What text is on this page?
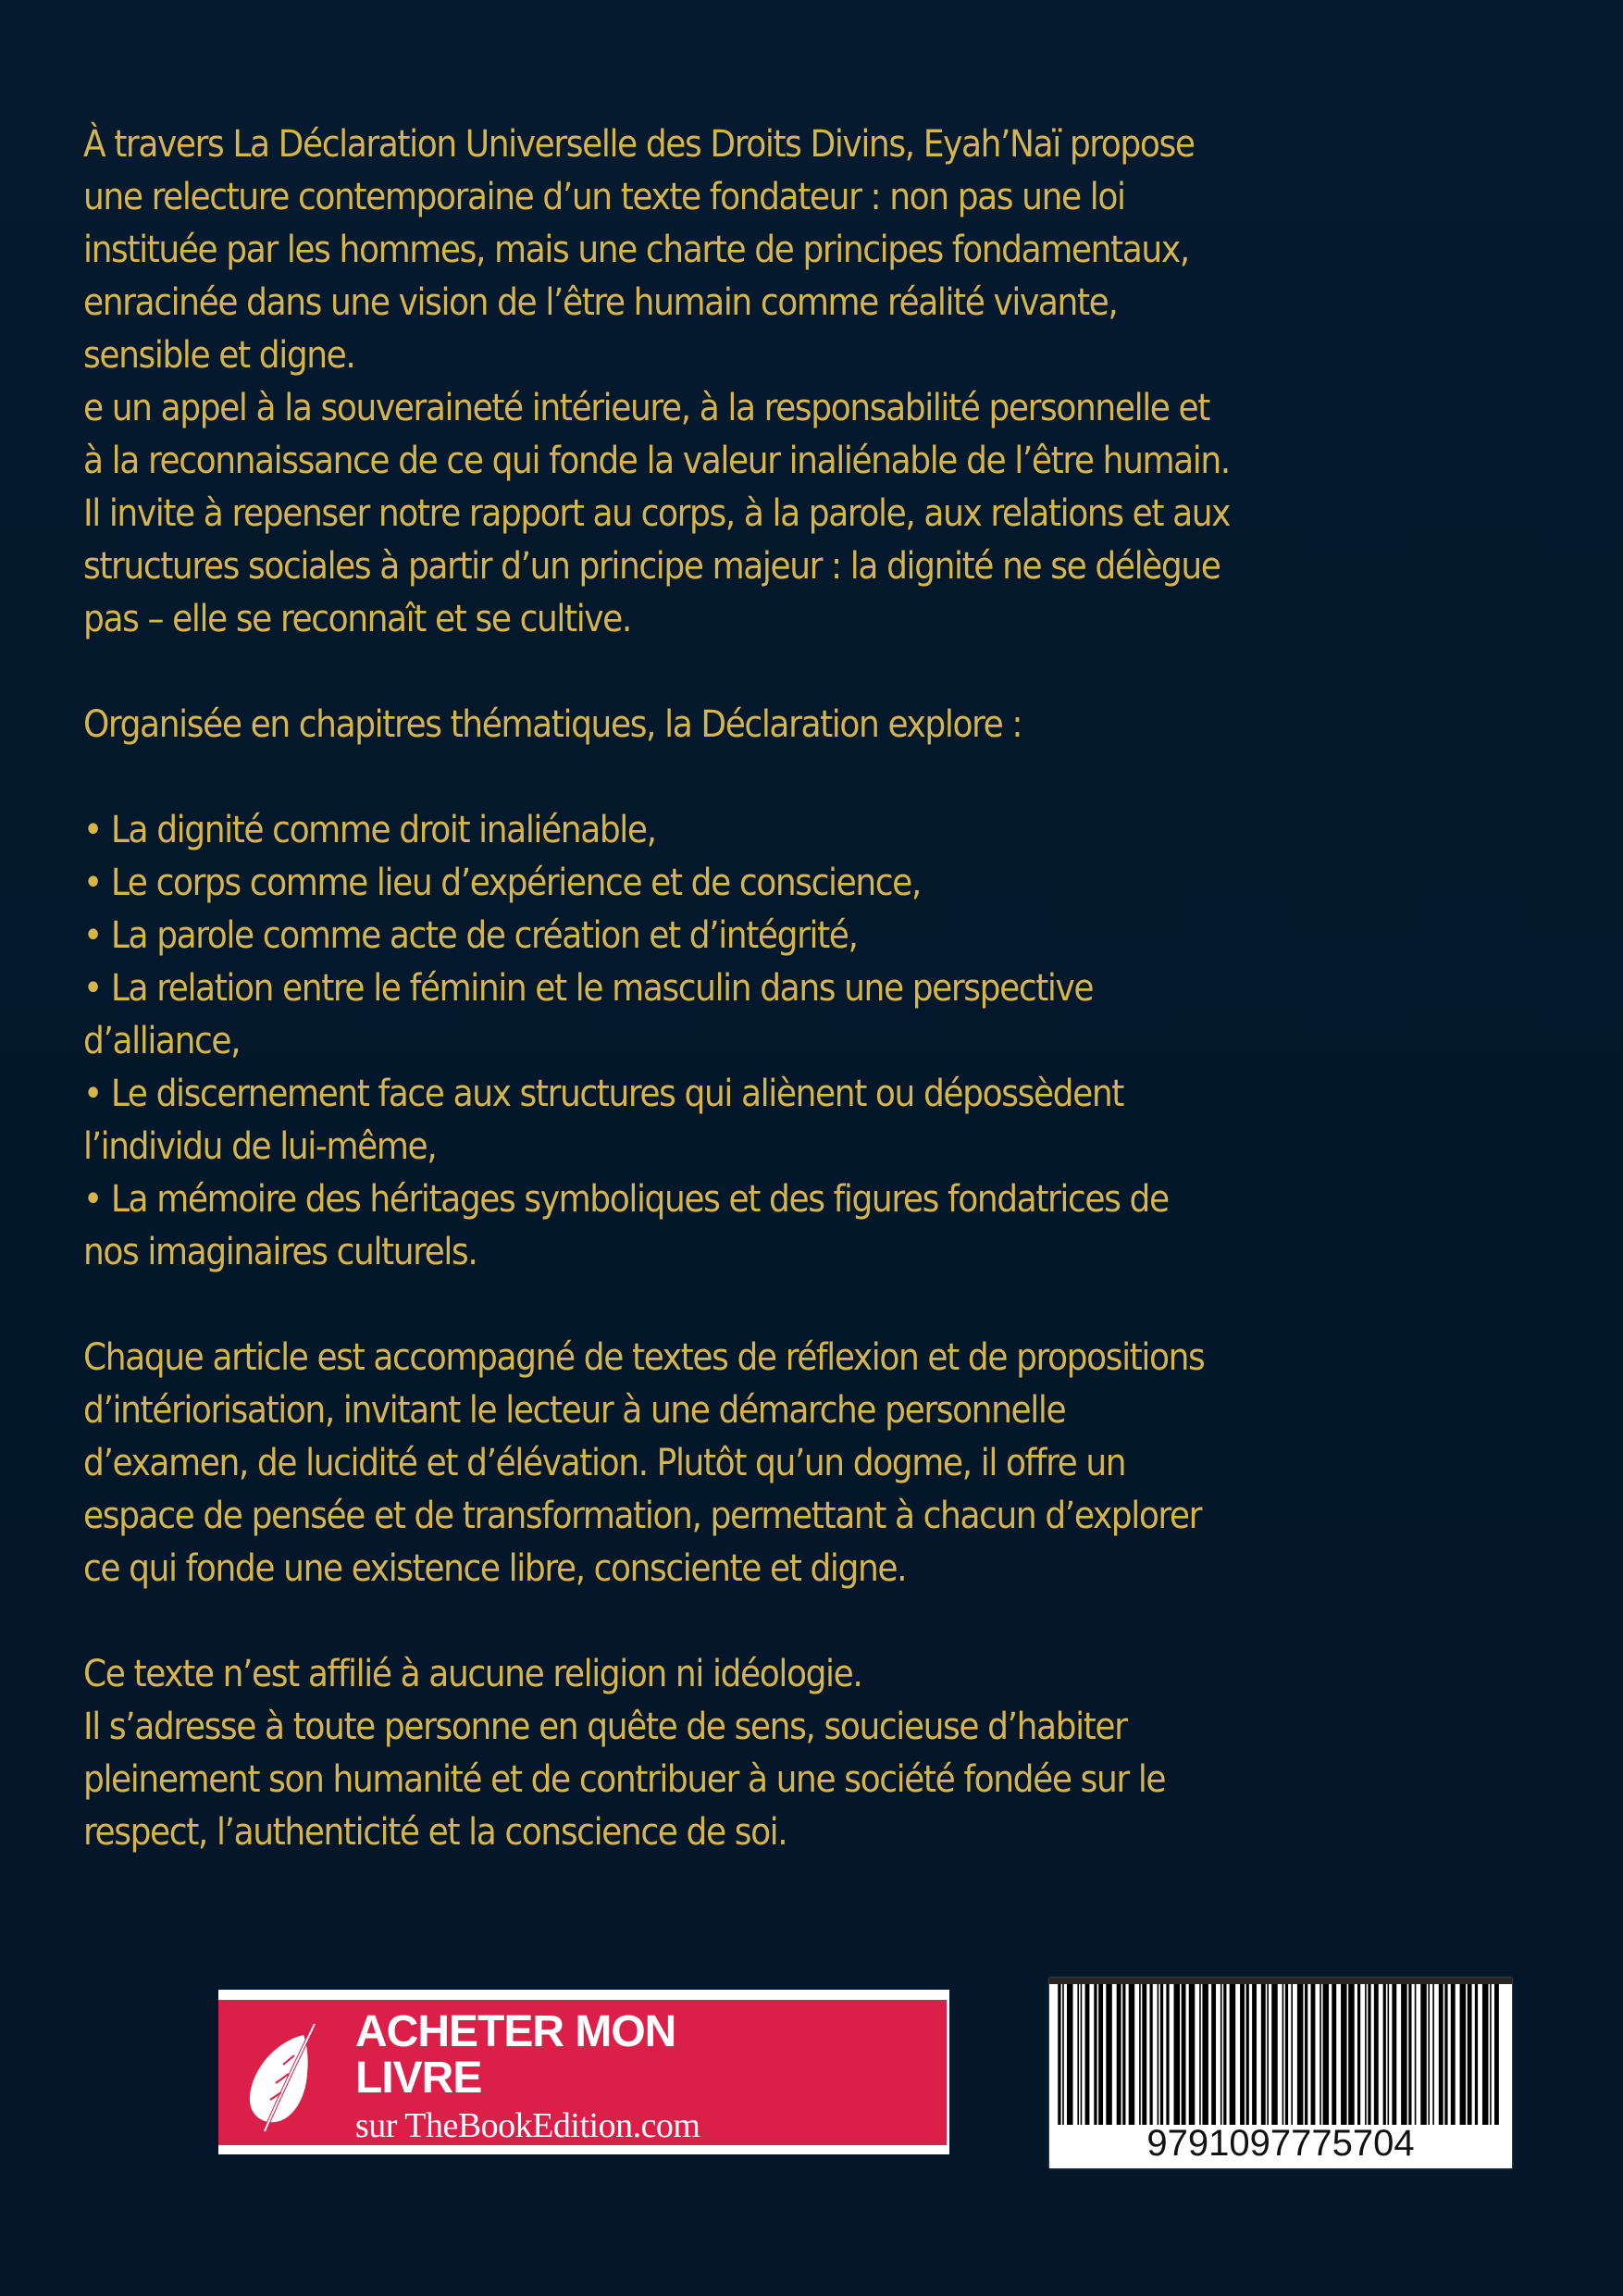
À travers La Déclaration Universelle des Droits Divins, Eyah’Naï propose
une relecture contemporaine d’un texte fondateur : non pas une loi
instituée par les hommes, mais une charte de principes fondamentaux,
enracinée dans une vision de l’être humain comme réalité vivante,
sensible et digne.
e un appel à la souveraineté intérieure, à la responsabilité personnelle et
à la reconnaissance de ce qui fonde la valeur inaliénable de l’être humain.
Il invite à repenser notre rapport au corps, à la parole, aux relations et aux
structures sociales à partir d’un principe majeur : la dignité ne se délègue
pas – elle se reconnaît et se cultive.
Organisée en chapitres thématiques, la Déclaration explore :
• La dignité comme droit inaliénable,
• Le corps comme lieu d’expérience et de conscience,
• La parole comme acte de création et d’intégrité,
• La relation entre le féminin et le masculin dans une perspective
d’alliance,
• Le discernement face aux structures qui aliènent ou dépossèdent
l’individu de lui-même,
• La mémoire des héritages symboliques et des figures fondatrices de
nos imaginaires culturels.
Chaque article est accompagné de textes de réflexion et de propositions
d’intériorisation, invitant le lecteur à une démarche personnelle
d’examen, de lucidité et d’élévation. Plutôt qu’un dogme, il offre un
espace de pensée et de transformation, permettant à chacun d’explorer
ce qui fonde une existence libre, consciente et digne.
Ce texte n’est affilié à aucune religion ni idéologie.
Il s’adresse à toute personne en quête de sens, soucieuse d’habiter
pleinement son humanité et de contribuer à une société fondée sur le
respect, l’authenticité et la conscience de soi.
ACHETER MON
LIVRE
sur TheBookEdition.com	9791097775704
